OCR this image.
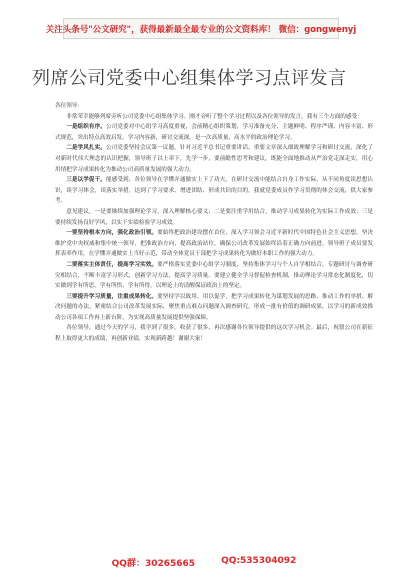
关注头条号"公文研究"，获得最新最全最专业的公文资料库！ 微信：gongwenyj
列席公司党委中心组集体学习点评发言

各位领导：

非常荣幸能够列席旁听公司党委中心组集体学习。刚才旁听了整个学习过程以及各位领导的发言，我有三个方面的感受：

一是组织有序。公司党委对中心组学习高度重视，会前精心组织策划，学习准备充分、主题鲜明、程序严谨、内容丰富、形式规范，突出特点高效启发，学习内容新，研讨交流深，是一次高质量、高水平的政治理论学习。

二是学风扎实。公司党委坚持会议第一议题，针对习近平总书记重要讲话、重要文章深入细致理解学习和研讨交流，深化了对新时代伟大理念的认识把握，领导班子以上率下，先学一步，要前瞻性思考和建议，既能全面地推动从严治党走深走实，用心用情把学习成果转化为推动公司高质量发展的强大动力。

三是以学促干。能感受到，各位领导在学懂弄通做实上下了功夫，在研讨交流中能结合自身工作实际，从不同角度谈思想认识，谈学习体会，谈落实举措，达到了学习要求、增进团结、形成共识的目的。我就党委成员作学习贯彻的体会交流，供大家参考。

意见建议，一是要继续加强理论学习，深入理解核心要义；二是要注重学用结合，推动学习成果转化为实际工作成效；三是要持续发扬良好学风，以实干实绩检验学习成效。

一要坚持根本方向，强化政治引领。要始终把政治建设摆在首位，深入学习领会习近平新时代中国特色社会主义思想，坚决维护党中央权威和集中统一领导，把准政治方向，提高政治站位，确保公司改革发展始终沿着正确方向前进。领导班子成员要发挥表率作用，在学懂弄通做实上当好示范，带动全体党员干部把学习成果转化为做好本职工作的强大动力。

二要落实主体责任，提高学习实效。要严格落实党委中心组学习制度，坚持集体学习与个人自学相结合、专题研讨与调查研究相结合，不断丰富学习形式，创新学习方法，提高学习质量。要建立健全学习督促检查机制，推动理论学习常态化制度化，切实做到学有所思、学有所悟、学有所得，以理论上的清醒保证政治上的坚定。

三要提升学习质量，注重成果转化。要坚持学以致用、用以促学，把学习成果转化为谋划发展的思路、推动工作的举措、解决问题的办法，紧密结合公司改革发展实际，聚焦重点难点问题深入调查研究，形成一批有价值的调研成果，以学习的新成效推动公司各项工作再上新台阶，为实现高质量发展提供坚强保障。

各位领导，通过今天的学习，我学到了很多，收获了很多，再次感谢各位领导提供的这次学习机会。最后，祝愿公司在新征程上取得更大的成绩，再创新业绩，实现新跨越！谢谢大家！

QQ群：30265665	QQ:535304092
